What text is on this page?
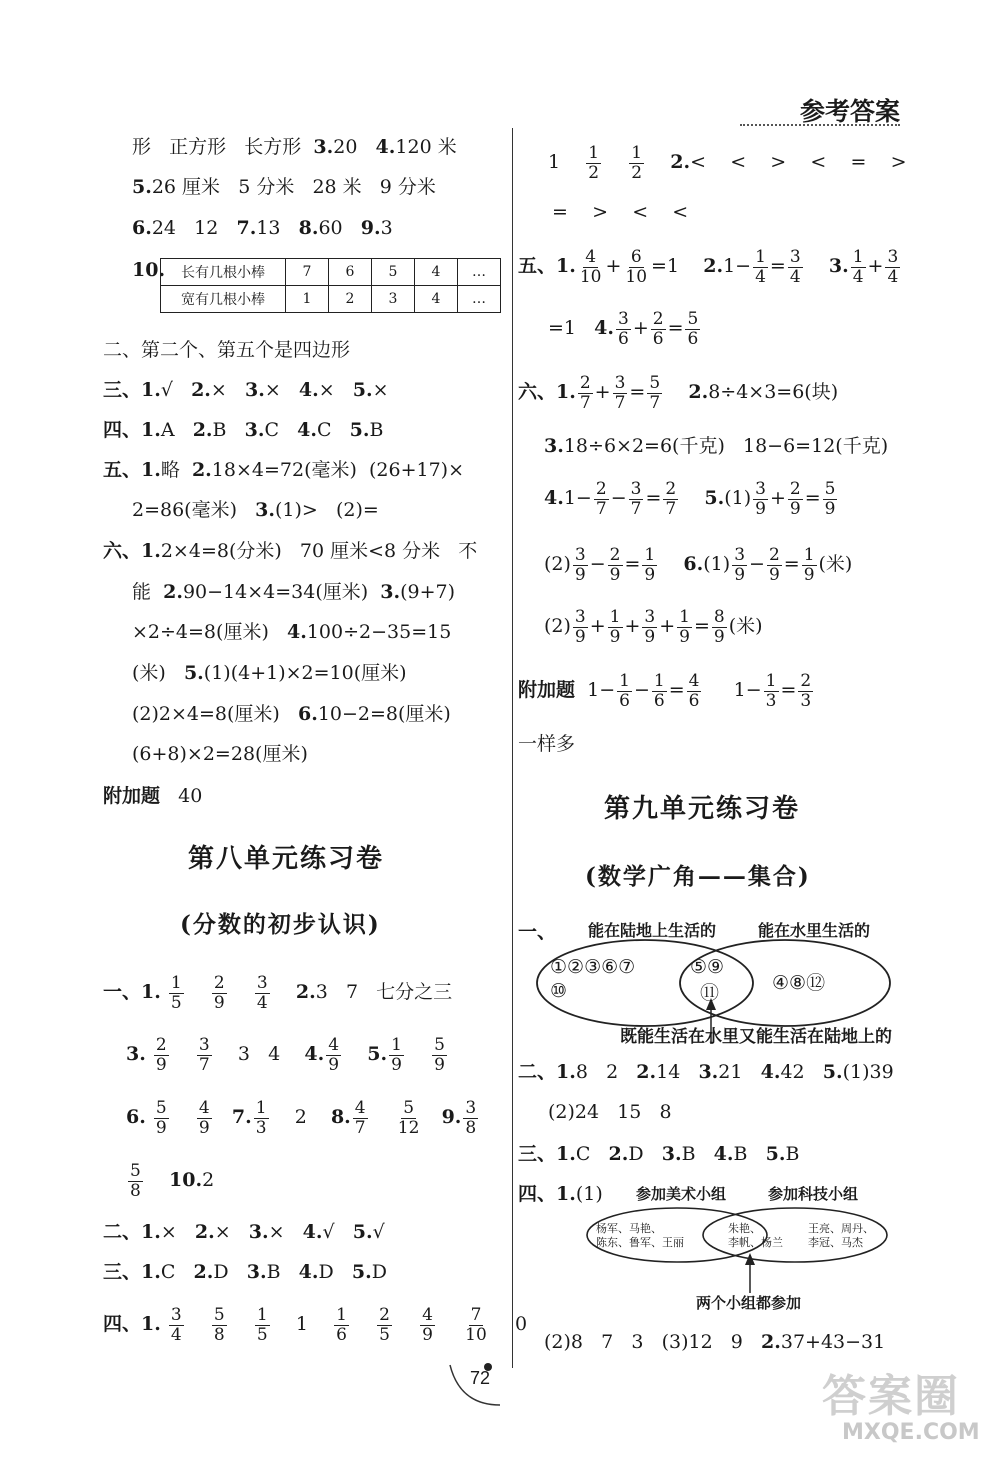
参考答案
形 正方形 长方形 3.20 4.120 米
5.26 厘米 5 分米 28 米 9 分米
6.24 12 7.13 8.60 9.3
10. 长有几根小棒	7	6	5	4	…
宽有几根小棒	1	2	3	4	…
二、第二个、第五个是四边形
三、1.√ 2.× 3.× 4.× 5.×
四、1.A 2.B 3.C 4.C 5.B
五、1.略 2.18×4=72(毫米) (26+17)×
2=86(毫米) 3.(1)> (2)=
六、1.2×4=8(分米) 70 厘米<8 分米 不
能 2.90−14×4=34(厘米) 3.(9+7)
×2÷4=8(厘米) 4.100÷2−35=15
(米) 5.(1)(4+1)×2=10(厘米)
(2)2×4=8(厘米) 6.10−2=8(厘米)
(6+8)×2=28(厘米)
附加题 40
第八单元练习卷
(分数的初步认识)
一、1. $\frac{1}{5}$
$\frac{2}{9}$
$\frac{3}{4} 2.3$ 7 七分之三
3. $\frac{2}{9}$
$\frac{3}{7} 3$ 4 4. $\frac{4}{9} 5$. $\frac{1}{9}$
$\frac{5}{9}$
6. $\frac{5}{9}$
$\frac{4}{9} 7$. $\frac{1}{3} 2$ 8. $\frac{4}{7}$
$\frac{5}{12} 9$. $\frac{3}{8}$
$\frac{5}{8} 10.2$
二、1.× 2.× 3.× 4.√ 5.√
三、1.C 2.D 3.B 4.D 5.D
四、1. $\frac{3}{4}$
$\frac{5}{8}$
$\frac{1}{5} 1 \frac{1}{6}$
$\frac{2}{5}$
$\frac{4}{9}$
$\frac{7}{10} 0$
$1 \frac{1}{2}$
$\frac{1}{2} 2.<$ < > < = >
= > < <
五、1. $\frac{4}{10} + \frac{6}{10} =1$ $2.1- \frac{1}{4} = \frac{3}{4} 3$. $\frac{1}{4} + \frac{3}{4}$
=1 4. $\frac{3}{6} + \frac{2}{6} = \frac{5}{6}$
六、1. $\frac{2}{7} + \frac{3}{7} = \frac{5}{7} 2.8\div 4\times 3=6$(块)
3.18÷6×2=6(千克) 18−6=12(千克)
$4.1- \frac{2}{7} - \frac{3}{7} = \frac{2}{7} 5.(1) \frac{3}{9} + \frac{2}{9} = \frac{5}{9}$
$(2) \frac{3}{9} - \frac{2}{9} = \frac{1}{9} 6.(1) \frac{3}{9} - \frac{2}{9} = \frac{1}{9}$ (米)
$(2) \frac{3}{9} + \frac{1}{9} + \frac{3}{9} + \frac{1}{9} = \frac{8}{9}$ (米)
附加题 $1- \frac{1}{6} - \frac{1}{6} = \frac{4}{6} 1- \frac{1}{3} = \frac{2}{3}$
一样多
第九单元练习卷
(数学广角——集合)
一、 能在陆地上生活的	能在水里生活的
①②③⑥⑦
⑩
⑤⑨
⑪	④⑧⑫
既能生活在水里又能生活在陆地上的
二、1.8 2 2.14 3.21 4.42 5.(1)39
(2)24 15 8
三、1.C 2.D 3.B 4.B 5.B
四、1.(1) 参加美术小组	参加科技小组
杨军、马艳、
陈东、鲁军、王丽
朱艳、
李帆、杨兰
王亮、周丹、
李冠、马杰
两个小组都参加
(2)8 7 3 (3)12 9 2.37+43−31
72	答案圈
MXQE.COM
